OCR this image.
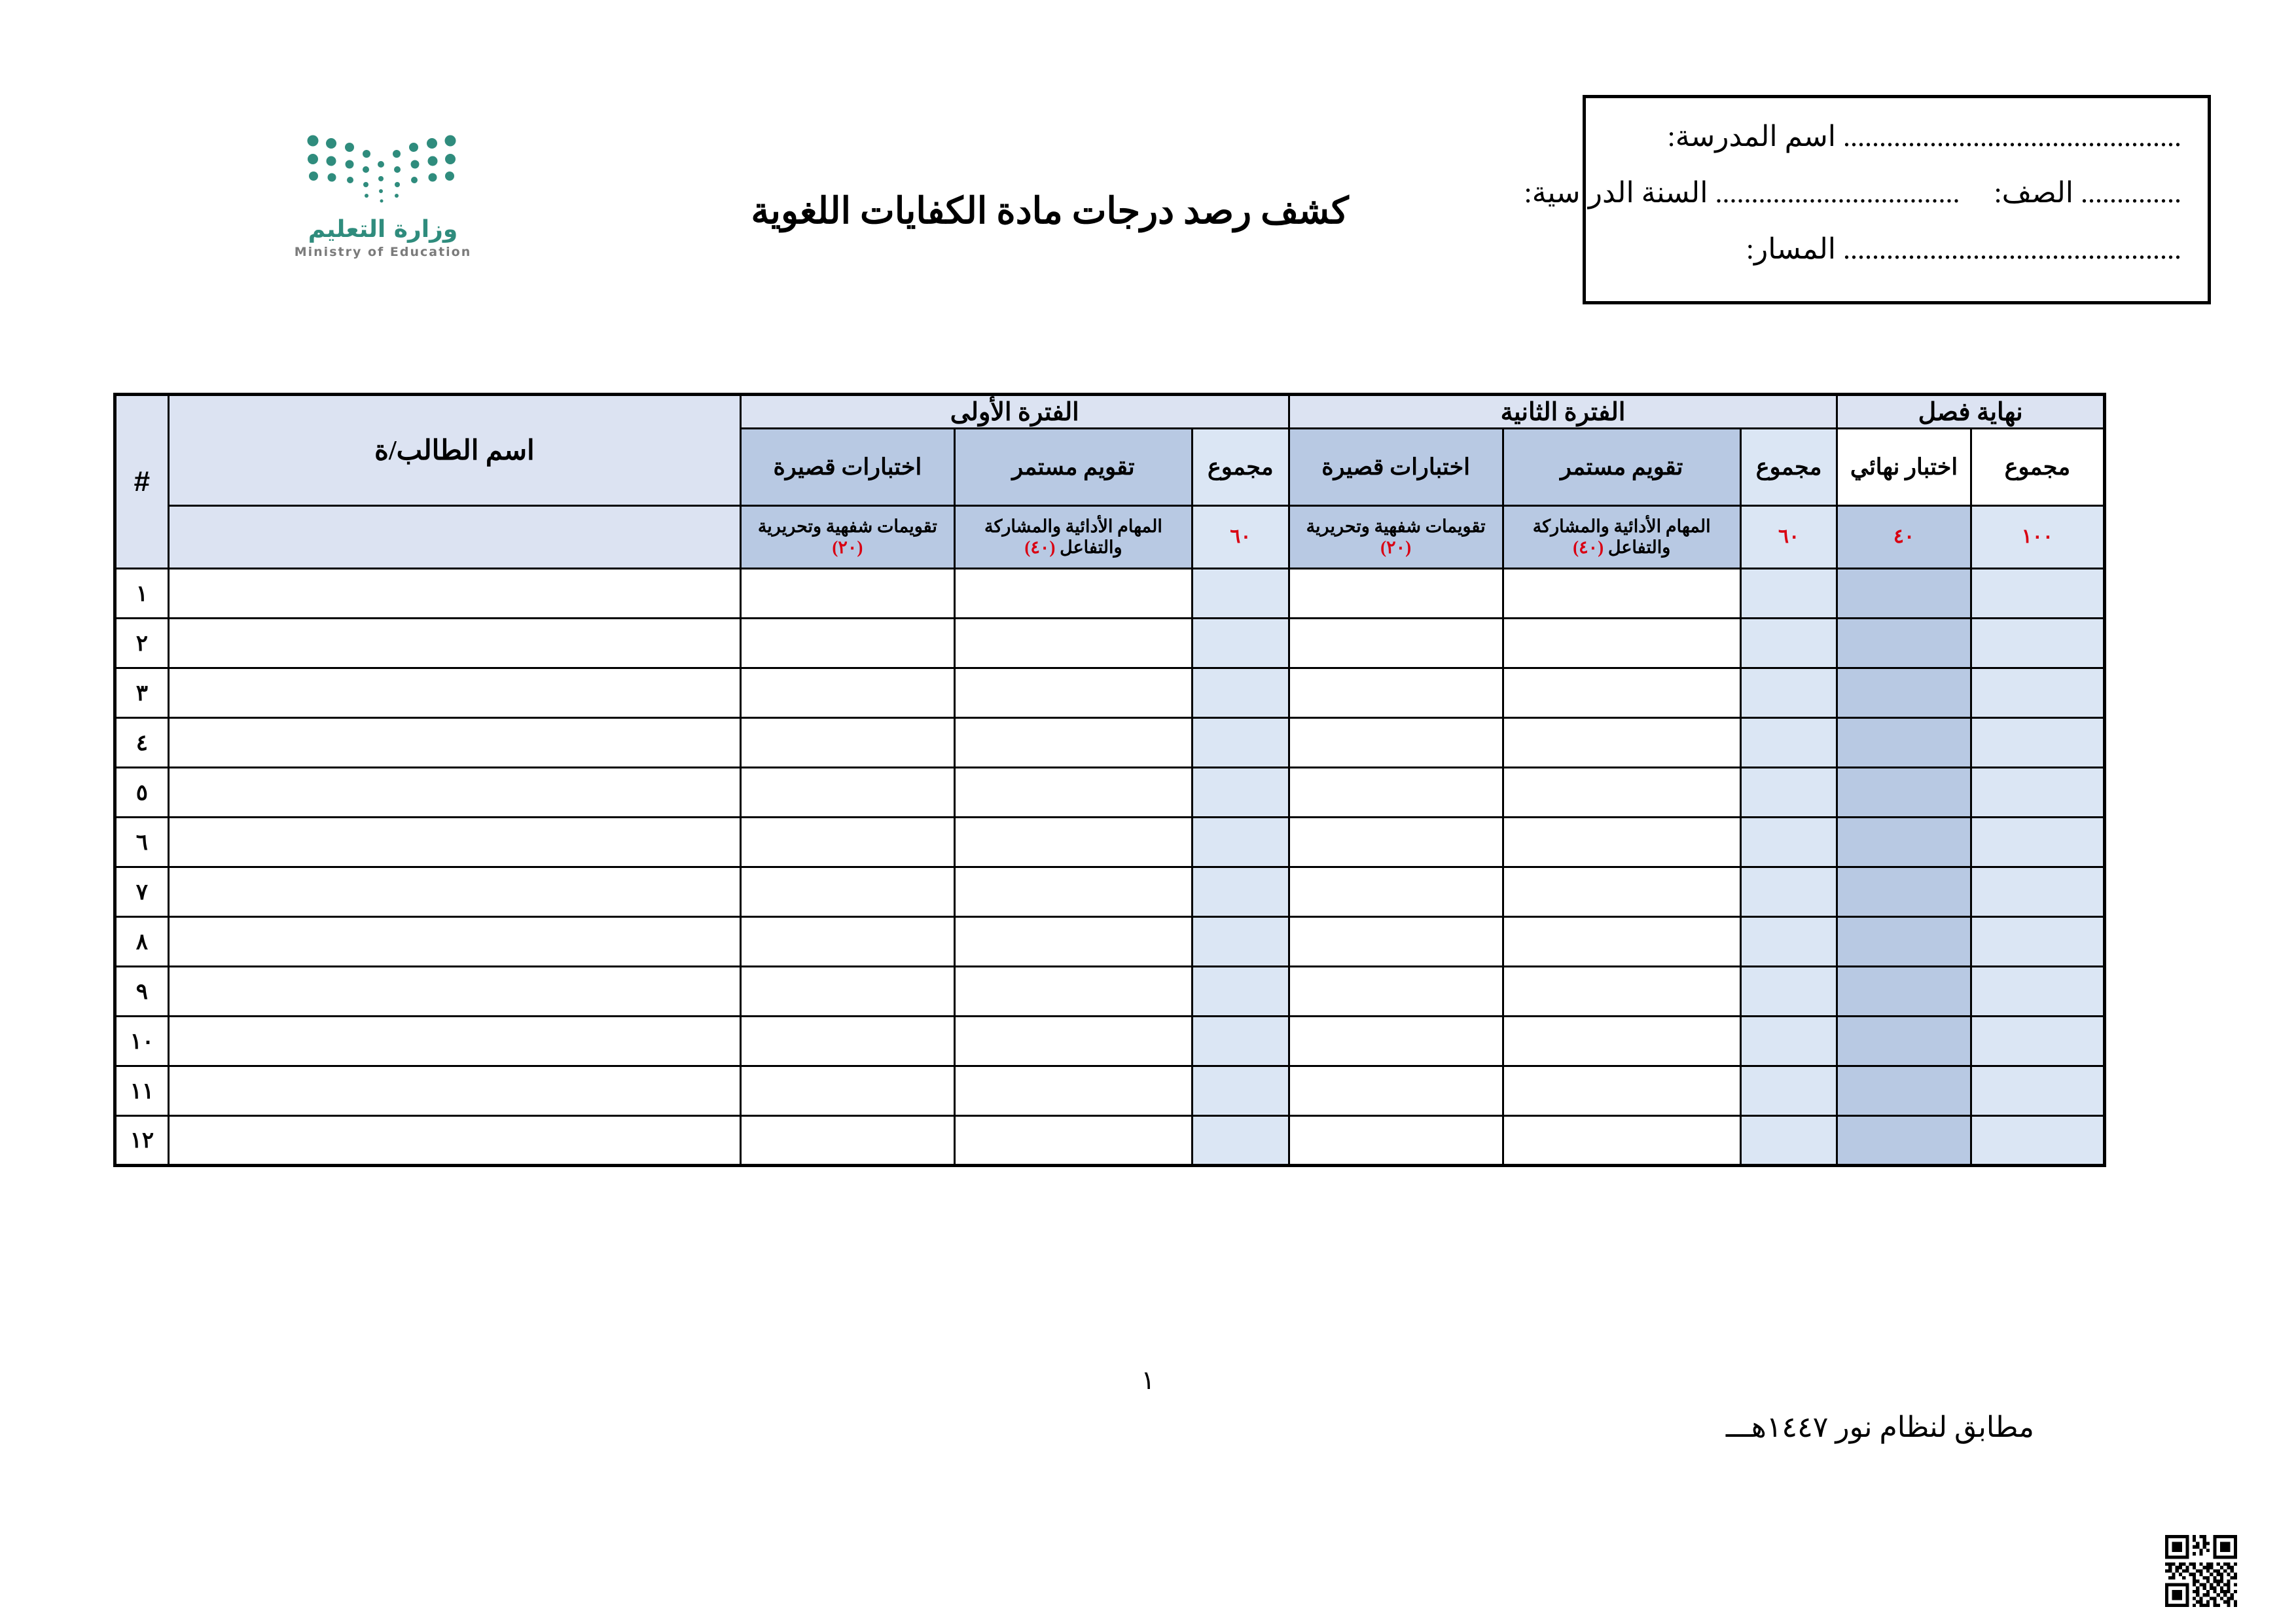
............................................... اسم المدرسة:
.............. الصف:  .................................. السنة الدراسية:
............................................... المسار:
كشف رصد درجات مادة الكفايات اللغوية
وزارة التعليم
Ministry of Education
نهاية فصل		الفترة الثانية			الفترة الأولى			اسم الطالب/ة	#
مجموع	اختبار نهائي	مجموع	تقويم مستمر	اختبارات قصيرة	مجموع	تقويم مستمر	اختبارات قصيرة		
١٠٠	٤٠	٦٠	المهام الأدائية والمشاركة والتفاعل (٤٠)	تقويمات شفهية وتحريرية (٢٠)	٦٠	المهام الأدائية والمشاركة والتفاعل (٤٠)	تقويمات شفهية وتحريرية (٢٠)		
									١
									٢
									٣
									٤
									٥
									٦
									٧
									٨
									٩
									١٠
									١١
									١٢
١
مطابق لنظام نور ١٤٤٧هـــ
